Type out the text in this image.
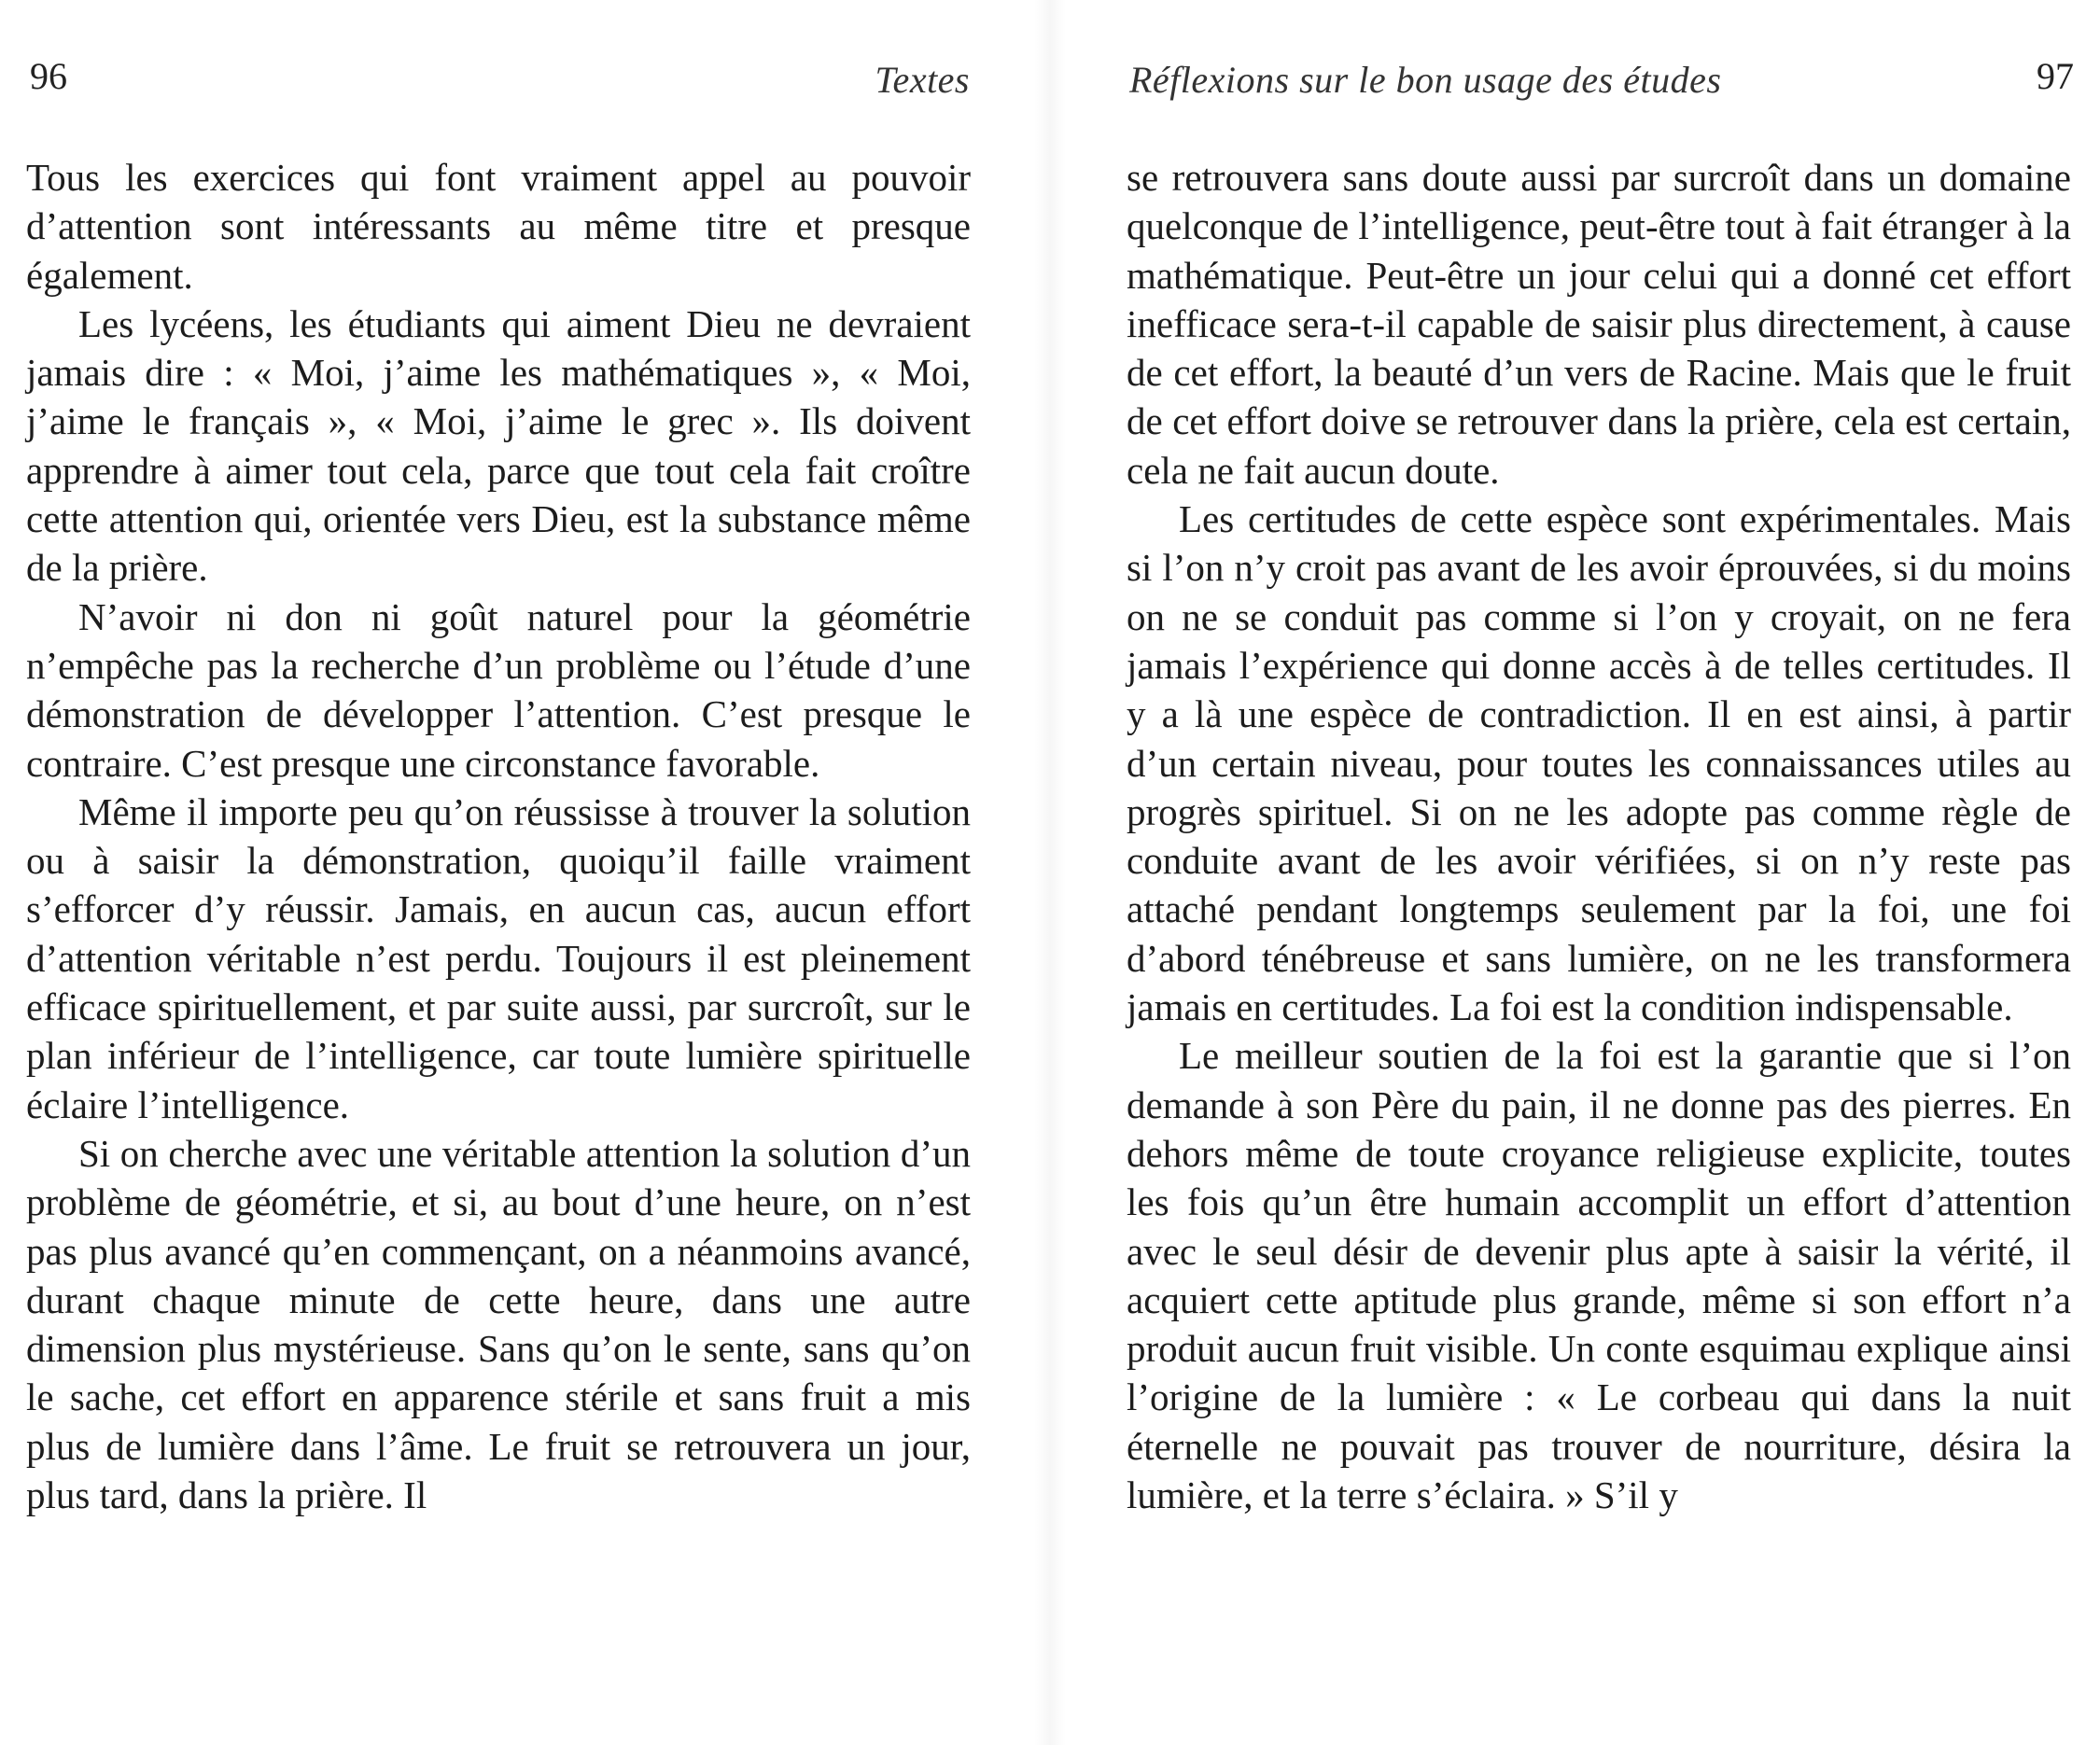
96	Textes

Tous les exercices qui font vraiment appel au pouvoir d’attention sont intéressants au même titre et presque également.

Les lycéens, les étudiants qui aiment Dieu ne devraient jamais dire : « Moi, j’aime les mathématiques », « Moi, j’aime le français », « Moi, j’aime le grec ». Ils doivent apprendre à aimer tout cela, parce que tout cela fait croître cette attention qui, orientée vers Dieu, est la substance même de la prière.

N’avoir ni don ni goût naturel pour la géométrie n’empêche pas la recherche d’un problème ou l’étude d’une démonstration de développer l’attention. C’est presque le contraire. C’est presque une circonstance favorable.

Même il importe peu qu’on réussisse à trouver la solution ou à saisir la démonstration, quoiqu’il faille vraiment s’efforcer d’y réussir. Jamais, en aucun cas, aucun effort d’attention véritable n’est perdu. Toujours il est pleinement efficace spirituellement, et par suite aussi, par surcroît, sur le plan inférieur de l’intelligence, car toute lumière spirituelle éclaire l’intelligence.

Si on cherche avec une véritable attention la solution d’un problème de géométrie, et si, au bout d’une heure, on n’est pas plus avancé qu’en commençant, on a néanmoins avancé, durant chaque minute de cette heure, dans une autre dimension plus mystérieuse. Sans qu’on le sente, sans qu’on le sache, cet effort en apparence stérile et sans fruit a mis plus de lumière dans l’âme. Le fruit se retrouvera un jour, plus tard, dans la prière. Il

Réflexions sur le bon usage des études	97

se retrouvera sans doute aussi par surcroît dans un domaine quelconque de l’intelligence, peut-être tout à fait étranger à la mathématique. Peut-être un jour celui qui a donné cet effort inefficace sera-t-il capable de saisir plus directement, à cause de cet effort, la beauté d’un vers de Racine. Mais que le fruit de cet effort doive se retrouver dans la prière, cela est certain, cela ne fait aucun doute.

Les certitudes de cette espèce sont expérimentales. Mais si l’on n’y croit pas avant de les avoir éprouvées, si du moins on ne se conduit pas comme si l’on y croyait, on ne fera jamais l’expérience qui donne accès à de telles certitudes. Il y a là une espèce de contradiction. Il en est ainsi, à partir d’un certain niveau, pour toutes les connaissances utiles au progrès spirituel. Si on ne les adopte pas comme règle de conduite avant de les avoir vérifiées, si on n’y reste pas attaché pendant longtemps seulement par la foi, une foi d’abord ténébreuse et sans lumière, on ne les transformera jamais en certitudes. La foi est la condition indispensable.

Le meilleur soutien de la foi est la garantie que si l’on demande à son Père du pain, il ne donne pas des pierres. En dehors même de toute croyance religieuse explicite, toutes les fois qu’un être humain accomplit un effort d’attention avec le seul désir de devenir plus apte à saisir la vérité, il acquiert cette aptitude plus grande, même si son effort n’a produit aucun fruit visible. Un conte esquimau explique ainsi l’origine de la lumière : « Le corbeau qui dans la nuit éternelle ne pouvait pas trouver de nourriture, désira la lumière, et la terre s’éclaira. » S’il y
